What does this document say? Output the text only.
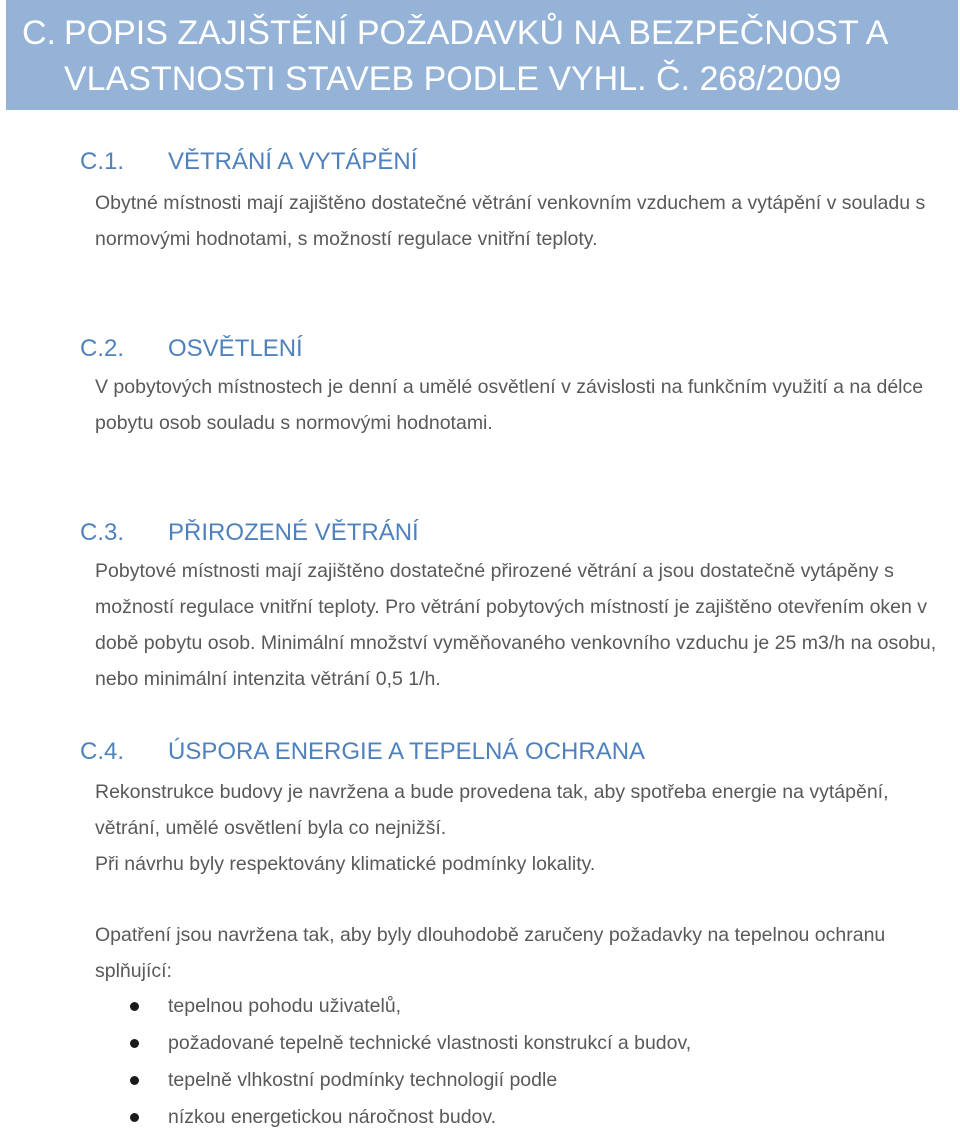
C. POPIS ZAJIŠTĚNÍ POŽADAVKŮ NA BEZPEČNOST A VLASTNOSTI STAVEB PODLE VYHL. Č. 268/2009
C.1. VĚTRÁNÍ A VYTÁPĚNÍ

Obytné místnosti mají zajištěno dostatečné větrání venkovním vzduchem a vytápění v souladu s normovými hodnotami, s možností regulace vnitřní teploty.

C.2. OSVĚTLENÍ

V pobytových místnostech je denní a umělé osvětlení v závislosti na funkčním využití a na délce pobytu osob souladu s normovými hodnotami.

C.3. PŘIROZENÉ VĚTRÁNÍ

Pobytové místnosti mají zajištěno dostatečné přirozené větrání a jsou dostatečně vytápěny s možností regulace vnitřní teploty. Pro větrání pobytových místností je zajištěno otevřením oken v době pobytu osob. Minimální množství vyměňovaného venkovního vzduchu je 25 m3/h na osobu, nebo minimální intenzita větrání 0,5 1/h.

C.4. ÚSPORA ENERGIE A TEPELNÁ OCHRANA

Rekonstrukce budovy je navržena a bude provedena tak, aby spotřeba energie na vytápění, větrání, umělé osvětlení byla co nejnižší.

Při návrhu byly respektovány klimatické podmínky lokality.

Opatření jsou navržena tak, aby byly dlouhodobě zaručeny požadavky na tepelnou ochranu splňující:

tepelnou pohodu uživatelů,
požadované tepelně technické vlastnosti konstrukcí a budov,
tepelně vlhkostní podmínky technologií podle
nízkou energetickou náročnost budov.
